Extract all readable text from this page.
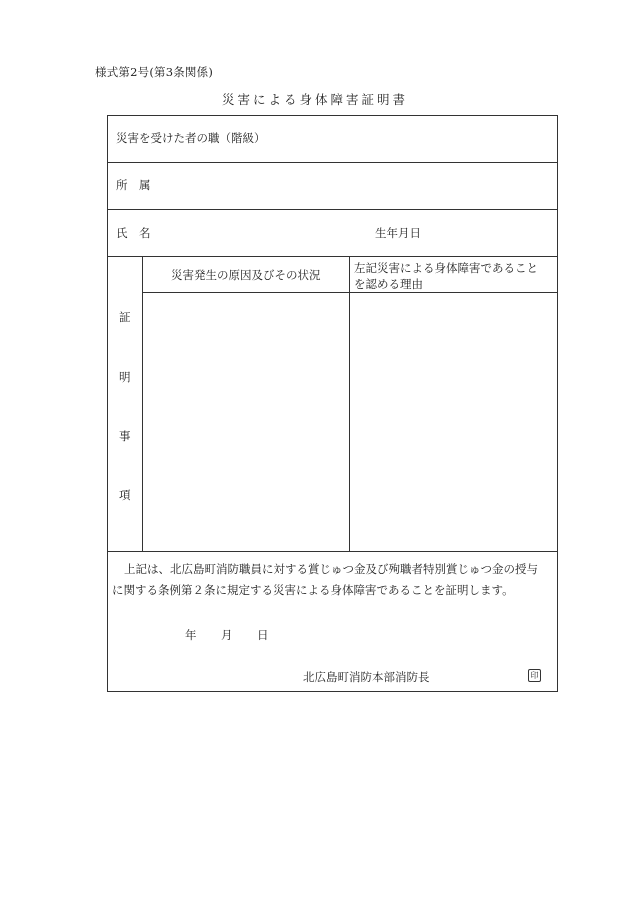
様式第2号(第3条関係)
災害による身体障害証明書
災害を受けた者の職（階級）
所　属
氏　名	生年月日
災害発生の原因及びその状況	左記災害による身体障害であること
を認める理由
証
明
事
項
上記は、北広島町消防職員に対する賞じゅつ金及び殉職者特別賞じゅつ金の授与
に関する条例第２条に規定する災害による身体障害であることを証明します。
年 月 日
北広島町消防本部消防長	印
